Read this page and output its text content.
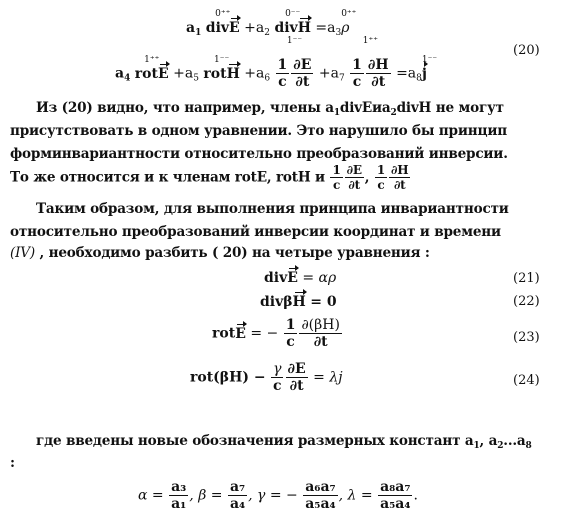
$a_1$
0⁺⁺
divE $+a_2$
0⁻⁻
divH $=a_3$
0⁺⁺
ρ
$a_4$
1⁺⁺
rotE $+a_5$
1⁻⁻
rotH $+a_6$
1⁻⁻
$\frac{1}{c} \frac{\partial E}{\partial t} +a_7$
1⁺⁺
$\frac{1}{c} \frac{\partial H}{\partial t} =a_8$
1⁻⁻
j
(20)
Из (20) видно, что например, члены $a_1divEиa_2divH$ не могут
присутствовать в одном уравнении. Это нарушило бы принцип
форминвариантности относительно преобразований инверсии.
То же относится и к членам rotE, rotH и $\frac{1}{c} \frac{\partial E}{\partial t}$ , $\frac{1}{c} \frac{\partial H}{\partial t}$
Таким образом, для выполнения принципа инвариантности
относительно преобразований инверсии координат и времени
(IV) , необходимо разбить ( 20) на четыре уравнения :
divE = αρ	(21)
divβH = 0	(22)
rotE = − $\frac{1}{c} \frac{\partial(\beta H)}{\partial t}$	(23)
$rot(\beta H) - \frac{\gamma}{c} \frac{\partial E}{\partial t} = \lambda j$	(24)
где введены новые обозначения размерных констант $a_1$, $a_2...a_8$
:
$\alpha = \frac{\text{a₃}}{\text{a₁}}$ , $\beta = \frac{\text{a₇}}{\text{a₄}}$ , γ = − $\frac{\text{a₆a₇}}{\text{a₅a₄}}$ , $\lambda = \frac{\text{a₈a₇}}{\text{a₅a₄}}$ .
